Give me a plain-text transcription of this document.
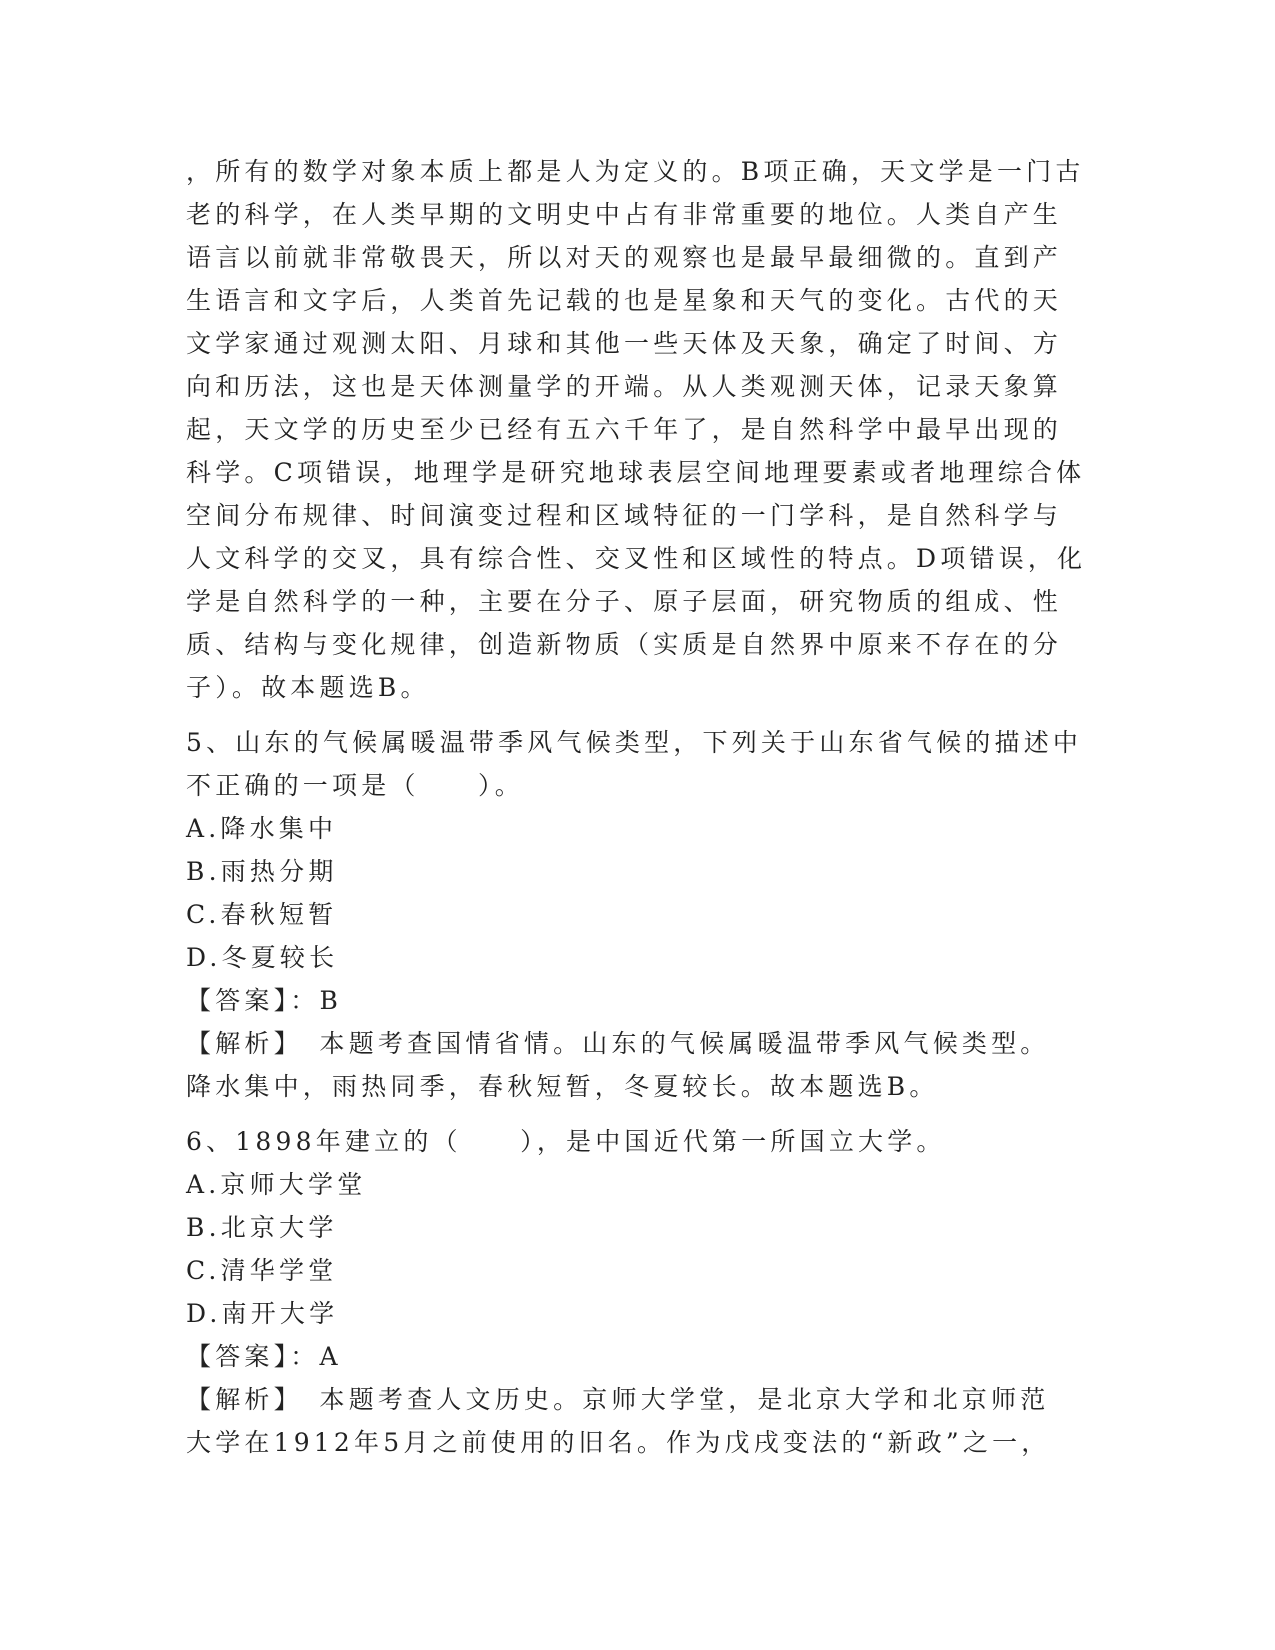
，所有的数学对象本质上都是人为定义的。B项正确，天文学是一门古
老的科学，在人类早期的文明史中占有非常重要的地位。人类自产生
语言以前就非常敬畏天，所以对天的观察也是最早最细微的。直到产
生语言和文字后，人类首先记载的也是星象和天气的变化。古代的天
文学家通过观测太阳、月球和其他一些天体及天象，确定了时间、方
向和历法，这也是天体测量学的开端。从人类观测天体，记录天象算
起，天文学的历史至少已经有五六千年了，是自然科学中最早出现的
科学。C项错误，地理学是研究地球表层空间地理要素或者地理综合体
空间分布规律、时间演变过程和区域特征的一门学科，是自然科学与
人文科学的交叉，具有综合性、交叉性和区域性的特点。D项错误，化
学是自然科学的一种，主要在分子、原子层面，研究物质的组成、性
质、结构与变化规律，创造新物质（实质是自然界中原来不存在的分
子）。故本题选B。
5、山东的气候属暖温带季风气候类型，下列关于山东省气候的描述中
不正确的一项是（　　）。
A.降水集中
B.雨热分期
C.春秋短暂
D.冬夏较长
【答案】：B
【解析】　本题考查国情省情。山东的气候属暖温带季风气候类型。
降水集中，雨热同季，春秋短暂，冬夏较长。故本题选B。
6、1898年建立的（　　），是中国近代第一所国立大学。
A.京师大学堂
B.北京大学
C.清华学堂
D.南开大学
【答案】：A
【解析】　本题考查人文历史。京师大学堂，是北京大学和北京师范
大学在1912年5月之前使用的旧名。作为戊戌变法的“新政”之一，
